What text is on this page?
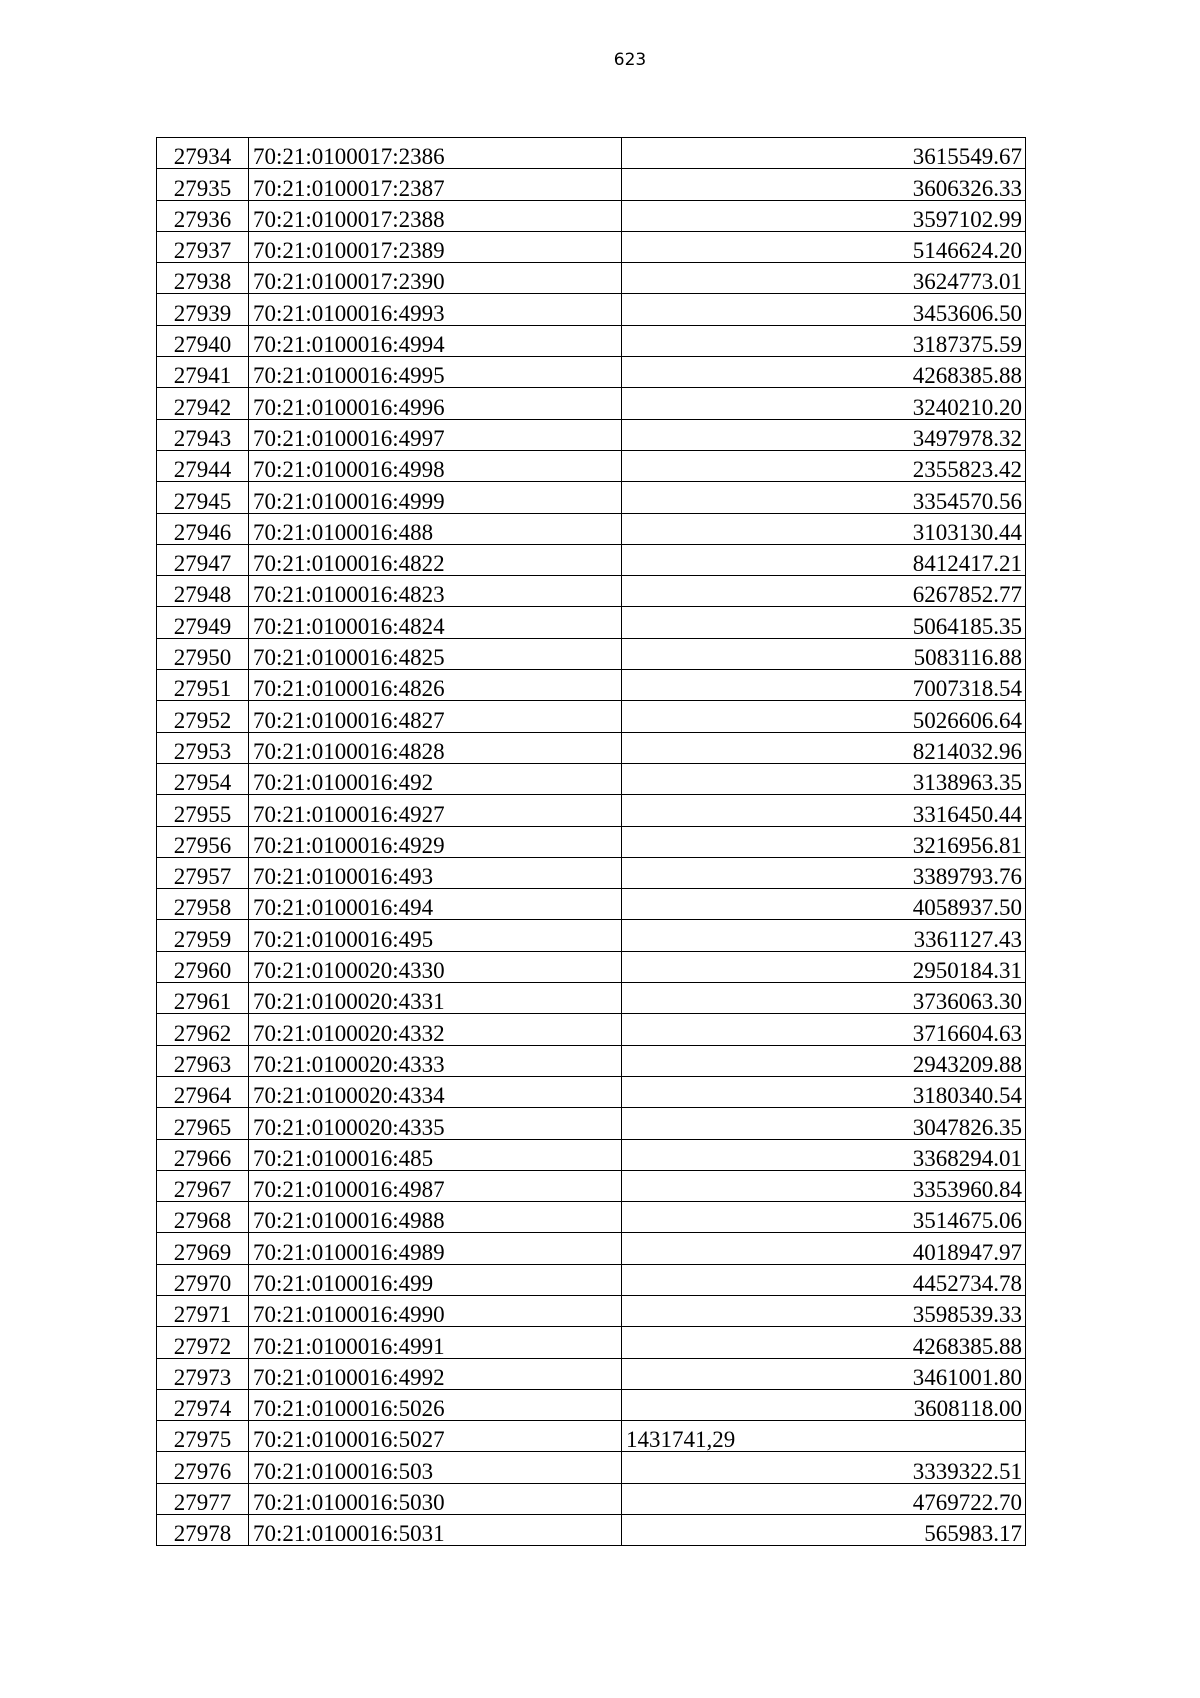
623
27934	70:21:0100017:2386	3615549.67

27935	70:21:0100017:2387	3606326.33

27936	70:21:0100017:2388	3597102.99

27937	70:21:0100017:2389	5146624.20

27938	70:21:0100017:2390	3624773.01

27939	70:21:0100016:4993	3453606.50

27940	70:21:0100016:4994	3187375.59

27941	70:21:0100016:4995	4268385.88

27942	70:21:0100016:4996	3240210.20

27943	70:21:0100016:4997	3497978.32

27944	70:21:0100016:4998	2355823.42

27945	70:21:0100016:4999	3354570.56

27946	70:21:0100016:488	3103130.44

27947	70:21:0100016:4822	8412417.21

27948	70:21:0100016:4823	6267852.77

27949	70:21:0100016:4824	5064185.35

27950	70:21:0100016:4825	5083116.88

27951	70:21:0100016:4826	7007318.54

27952	70:21:0100016:4827	5026606.64

27953	70:21:0100016:4828	8214032.96

27954	70:21:0100016:492	3138963.35

27955	70:21:0100016:4927	3316450.44

27956	70:21:0100016:4929	3216956.81

27957	70:21:0100016:493	3389793.76

27958	70:21:0100016:494	4058937.50

27959	70:21:0100016:495	3361127.43

27960	70:21:0100020:4330	2950184.31

27961	70:21:0100020:4331	3736063.30

27962	70:21:0100020:4332	3716604.63

27963	70:21:0100020:4333	2943209.88

27964	70:21:0100020:4334	3180340.54

27965	70:21:0100020:4335	3047826.35

27966	70:21:0100016:485	3368294.01

27967	70:21:0100016:4987	3353960.84

27968	70:21:0100016:4988	3514675.06

27969	70:21:0100016:4989	4018947.97

27970	70:21:0100016:499	4452734.78

27971	70:21:0100016:4990	3598539.33

27972	70:21:0100016:4991	4268385.88

27973	70:21:0100016:4992	3461001.80

27974	70:21:0100016:5026	3608118.00

27975	70:21:0100016:5027	1431741,29

27976	70:21:0100016:503	3339322.51

27977	70:21:0100016:5030	4769722.70

27978	70:21:0100016:5031	565983.17
